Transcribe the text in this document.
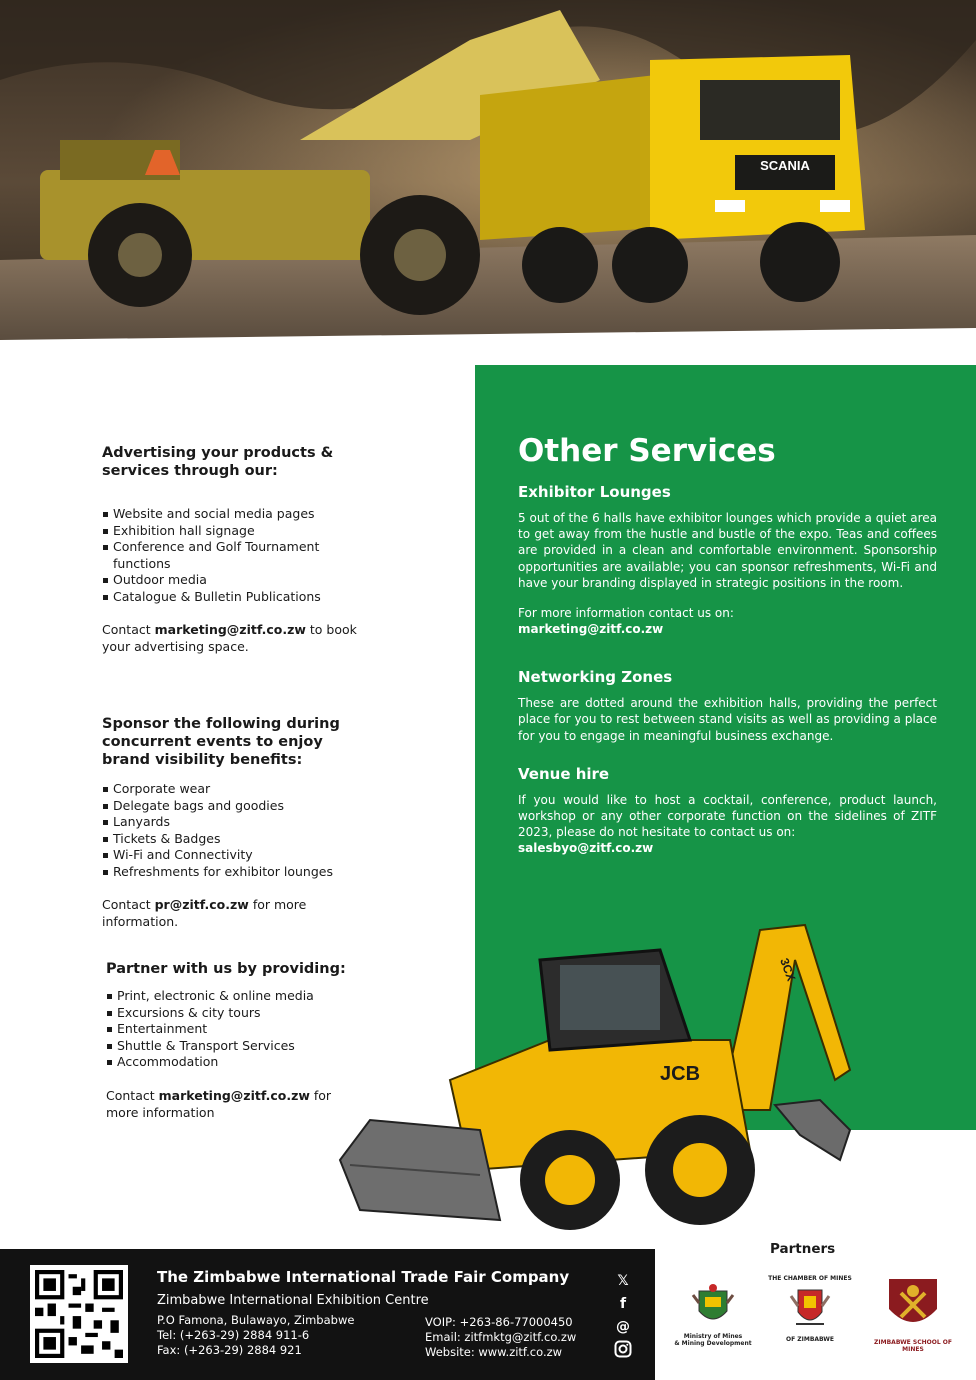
SCANIA
Advertising your products &
services through our:
Website and social media pages
Exhibition hall signage
Conference and Golf Tournament functions
Outdoor media
Catalogue & Bulletin Publications

Contact marketing@zitf.co.zw to book your advertising space.

Sponsor the following during
concurrent events to enjoy
brand visibility benefits:
Corporate wear
Delegate bags and goodies
Lanyards
Tickets & Badges
Wi-Fi and Connectivity
Refreshments for exhibitor lounges

Contact pr@zitf.co.zw for more information.

Partner with us by providing:
Print, electronic & online media
Excursions & city tours
Entertainment
Shuttle & Transport Services
Accommodation

Contact marketing@zitf.co.zw for more information

Other Services
Exhibitor Lounges

5 out of the 6 halls have exhibitor lounges which provide a quiet area to get away from the hustle and bustle of the expo. Teas and coffees are provided in a clean and comfortable environment. Sponsorship opportunities are available; you can sponsor refreshments, Wi-Fi and have your branding displayed in strategic positions in the room.

For more information contact us on:

marketing@zitf.co.zw

Networking Zones

These are dotted around the exhibition halls, providing the perfect place for you to rest between stand visits as well as providing a place for you to engage in meaningful business exchange.

Venue hire

If you would like to host a cocktail, conference, product launch, workshop or any other corporate function on the sidelines of ZITF 2023, please do not hesitate to contact us on:

salesbyo@zitf.co.zw

JCB
3CX
The Zimbabwe International Trade Fair Company
Zimbabwe International Exhibition Centre
P.O Famona, Bulawayo, Zimbabwe
Tel: (+263-29) 2884 911-6
Fax: (+263-29) 2884 921
VOIP: +263-86-77000450
Email: zitfmktg@zitf.co.zw
Website: www.zitf.co.zw
𝕏
f
@
Partners
Ministry of Mines
& Mining Development
THE CHAMBER OF MINES
OF ZIMBABWE	ZIMBABWE SCHOOL OF MINES
